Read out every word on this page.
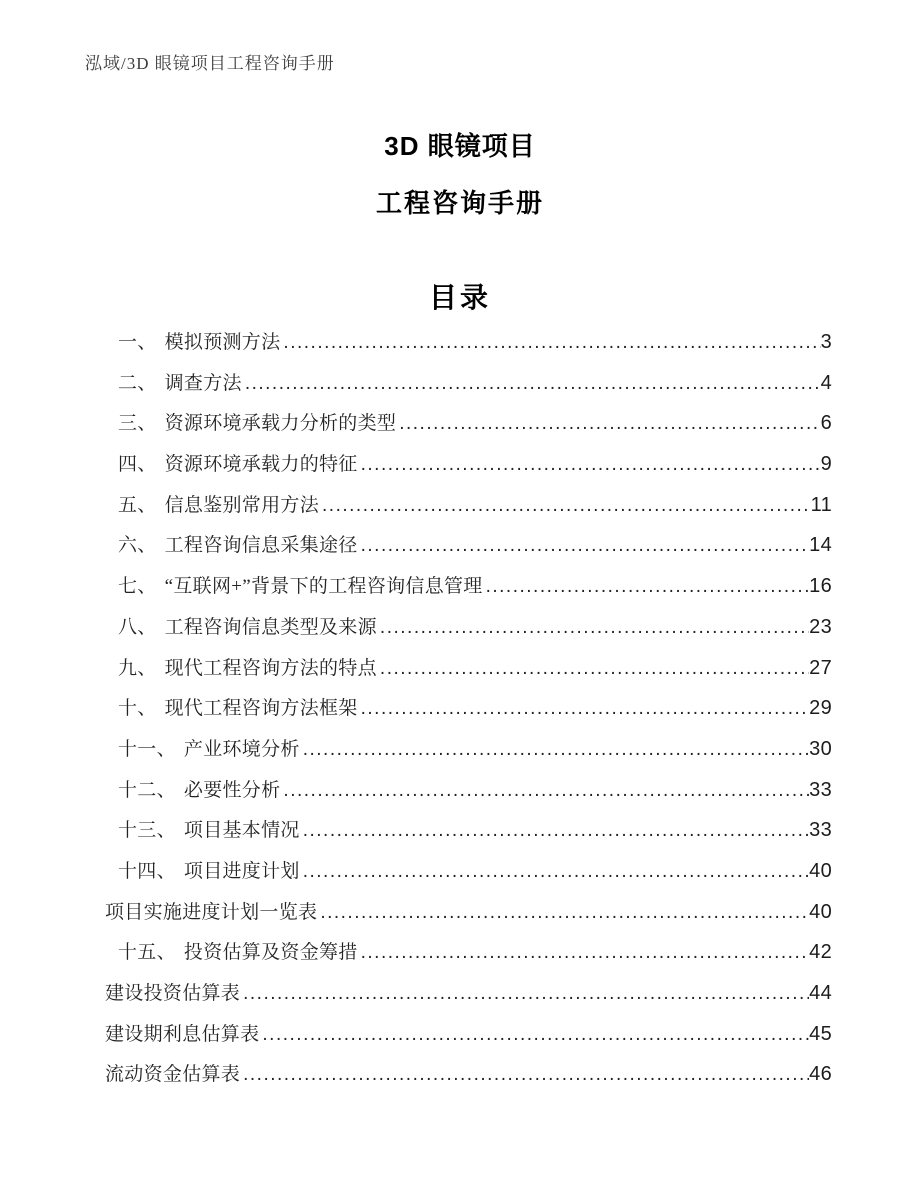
泓域/3D 眼镜项目工程咨询手册
3D 眼镜项目
工程咨询手册
目录
一、 模拟预测方法 .....	3
二、 调查方法 .....	4
三、 资源环境承载力分析的类型 .....	6
四、 资源环境承载力的特征 .....	9
五、 信息鉴别常用方法 .....	11
六、 工程咨询信息采集途径 .....	14
七、 “互联网+”背景下的工程咨询信息管理 .....	16
八、 工程咨询信息类型及来源 .....	23
九、 现代工程咨询方法的特点 .....	27
十、 现代工程咨询方法框架 .....	29
十一、 产业环境分析 .....	30
十二、 必要性分析 .....	33
十三、 项目基本情况 .....	33
十四、 项目进度计划 .....	40
项目实施进度计划一览表 .....	40
十五、 投资估算及资金筹措 .....	42
建设投资估算表 .....	44
建设期利息估算表 .....	45
流动资金估算表 .....	46
